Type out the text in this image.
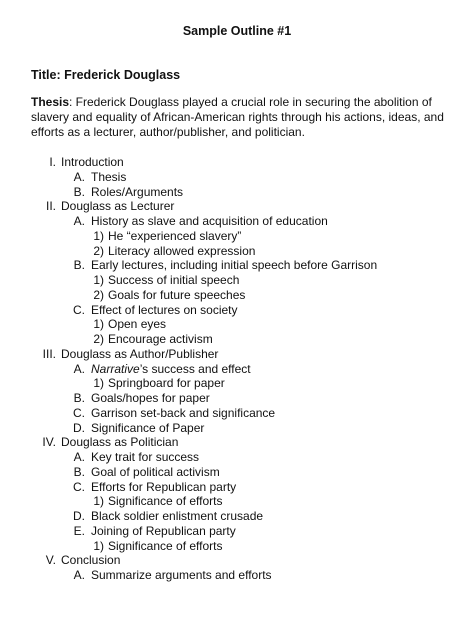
Sample Outline #1
Title: Frederick Douglass
Thesis: Frederick Douglass played a crucial role in securing the abolition of
slavery and equality of African-American rights through his actions, ideas, and
efforts as a lecturer, author/publisher, and politician.
I. Introduction
A. Thesis
B. Roles/Arguments
II. Douglass as Lecturer
A. History as slave and acquisition of education
1) He “experienced slavery”
2) Literacy allowed expression
B. Early lectures, including initial speech before Garrison
1) Success of initial speech
2) Goals for future speeches
C. Effect of lectures on society
1) Open eyes
2) Encourage activism
III. Douglass as Author/Publisher
A. Narrative’s success and effect
1) Springboard for paper
B. Goals/hopes for paper
C. Garrison set-back and significance
D. Significance of Paper
IV. Douglass as Politician
A. Key trait for success
B. Goal of political activism
C. Efforts for Republican party
1) Significance of efforts
D. Black soldier enlistment crusade
E. Joining of Republican party
1) Significance of efforts
V. Conclusion
A. Summarize arguments and efforts
